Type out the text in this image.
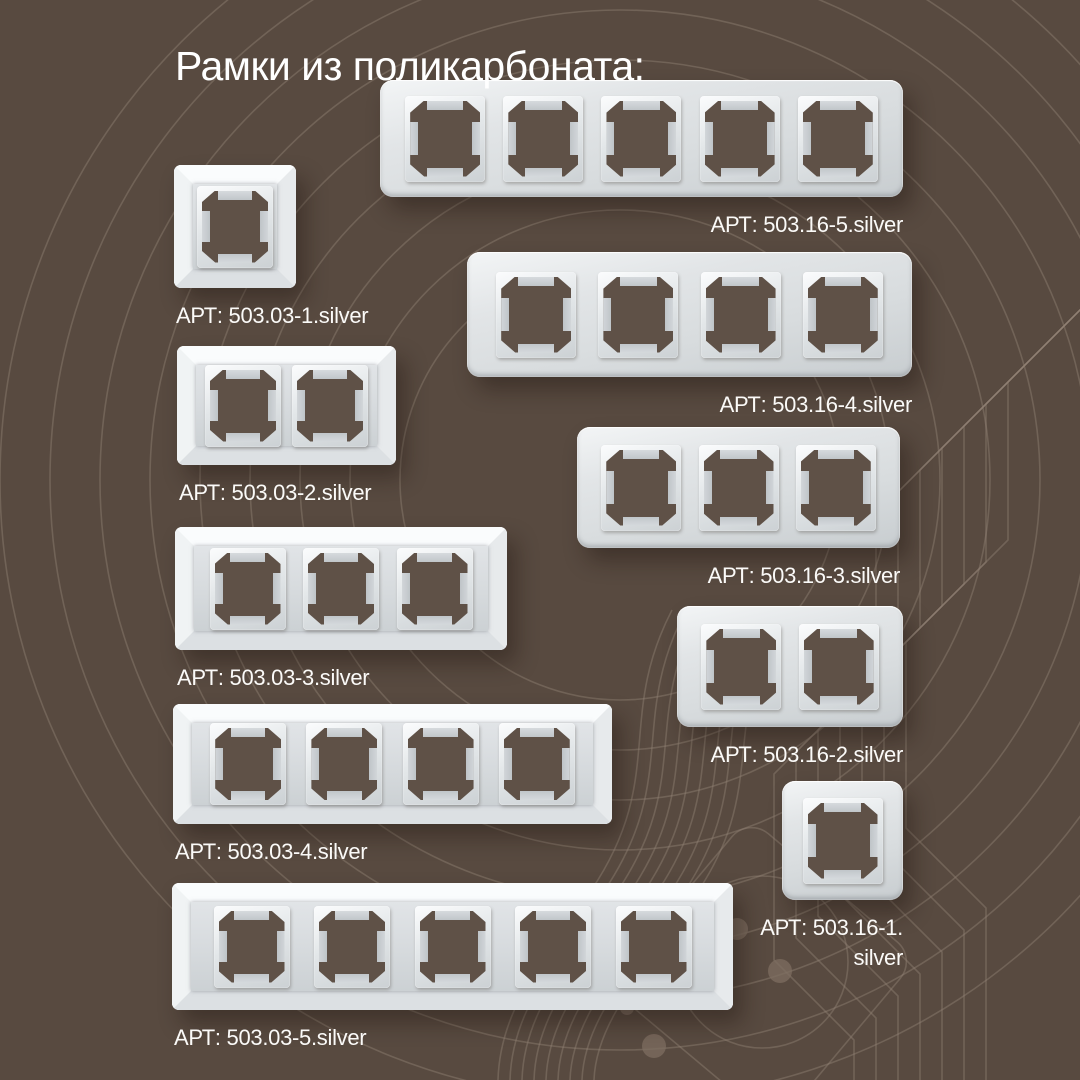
Рамки из поликарбоната:
АРТ: 503.03-1.silver
АРТ: 503.03-2.silver
АРТ: 503.03-3.silver
АРТ: 503.03-4.silver
АРТ: 503.03-5.silver
АРТ: 503.16-5.silver
АРТ: 503.16-4.silver
АРТ: 503.16-3.silver
АРТ: 503.16-2.silver
АРТ: 503.16-1.
silver
